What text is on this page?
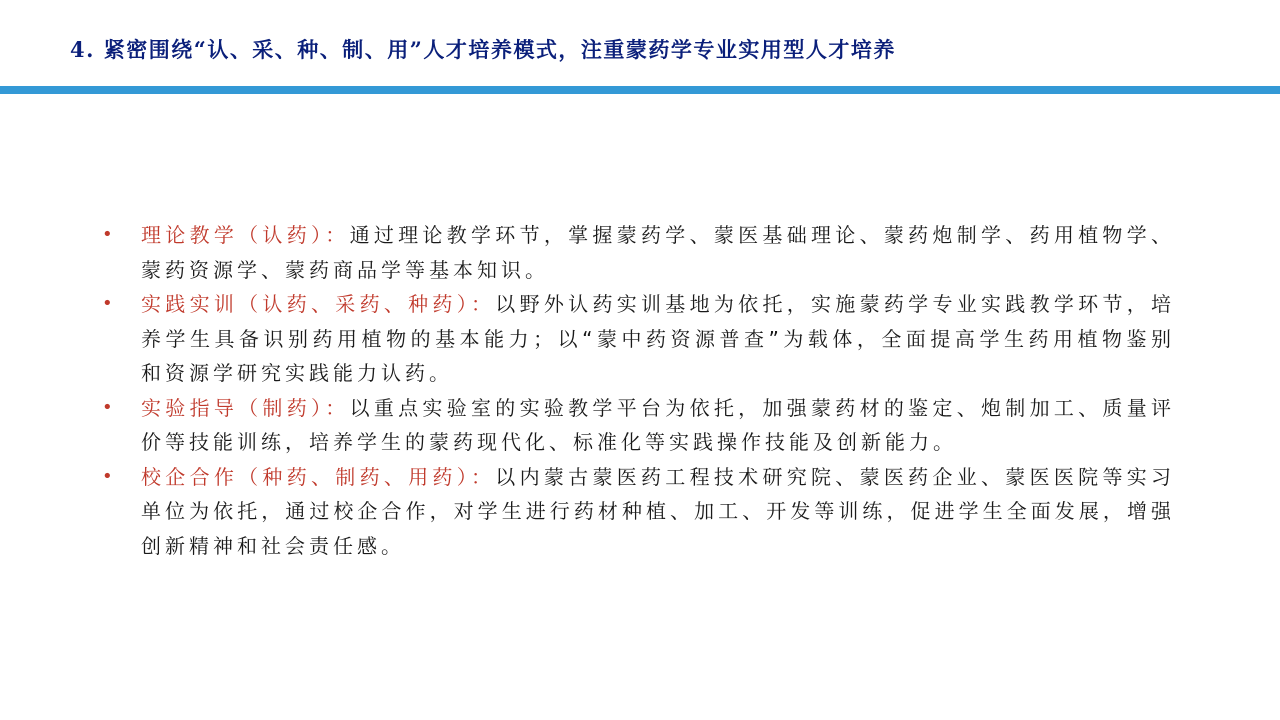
4. 紧密围绕“认、采、种、制、用”人才培养模式，注重蒙药学专业实用型人才培养
• 理论教学（认药）：通过理论教学环节，掌握蒙药学、蒙医基础理论、蒙药炮制学、药用植物学、蒙药资源学、蒙药商品学等基本知识。
• 实践实训（认药、采药、种药）：以野外认药实训基地为依托，实施蒙药学专业实践教学环节，培养学生具备识别药用植物的基本能力；以“蒙中药资源普查”为载体，全面提高学生药用植物鉴别和资源学研究实践能力认药。
• 实验指导（制药）：以重点实验室的实验教学平台为依托，加强蒙药材的鉴定、炮制加工、质量评价等技能训练，培养学生的蒙药现代化、标准化等实践操作技能及创新能力。
• 校企合作（种药、制药、用药）：以内蒙古蒙医药工程技术研究院、蒙医药企业、蒙医医院等实习单位为依托，通过校企合作，对学生进行药材种植、加工、开发等训练，促进学生全面发展，增强创新精神和社会责任感。
